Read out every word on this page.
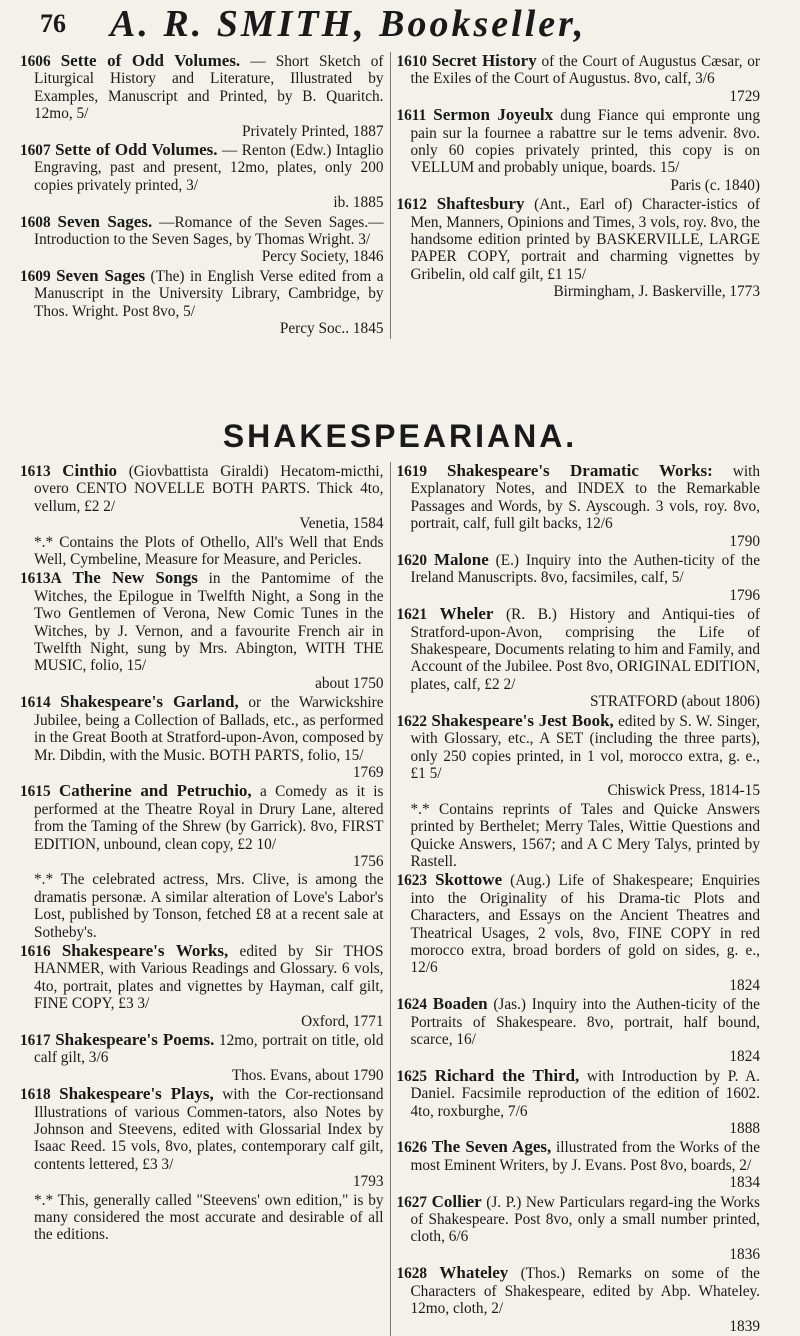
76	A. R. SMITH, Bookseller,
1606 Sette of Odd Volumes. — Short Sketch of Liturgical History and Literature, Illustrated by Examples, Manuscript and Printed, by B. Quaritch. 12mo, 5/
Privately Printed, 1887
1607 Sette of Odd Volumes. — Renton (Edw.) Intaglio Engraving, past and present, 12mo, plates, only 200 copies privately printed, 3/
ib. 1885
1608 Seven Sages. —Romance of the Seven Sages.—Introduction to the Seven Sages, by Thomas Wright. 3/
Percy Society, 1846
1609 Seven Sages (The) in English Verse edited from a Manuscript in the University Library, Cambridge, by Thos. Wright. Post 8vo, 5/
Percy Soc.. 1845
1610 Secret History of the Court of Augustus Cæsar, or the Exiles of the Court of Augustus. 8vo, calf, 3/6
1729
1611 Sermon Joyeulx dung Fiance qui empronte ung pain sur la fournee a rabattre sur le tems advenir. 8vo. only 60 copies privately printed, this copy is on VELLUM and probably unique, boards. 15/
Paris (c. 1840)
1612 Shaftesbury (Ant., Earl of) Character-istics of Men, Manners, Opinions and Times, 3 vols, roy. 8vo, the handsome edition printed by BASKERVILLE, LARGE PAPER COPY, portrait and charming vignettes by Gribelin, old calf gilt, £1 15/
Birmingham, J. Baskerville, 1773
SHAKESPEARIANA.
1613 Cinthio (Giovbattista Giraldi) Hecatom-micthi, overo CENTO NOVELLE BOTH PARTS. Thick 4to, vellum, £2 2/
Venetia, 1584
*.* Contains the Plots of Othello, All's Well that Ends Well, Cymbeline, Measure for Measure, and Pericles.
1613A The New Songs in the Pantomime of the Witches, the Epilogue in Twelfth Night, a Song in the Two Gentlemen of Verona, New Comic Tunes in the Witches, by J. Vernon, and a favourite French air in Twelfth Night, sung by Mrs. Abington, WITH THE MUSIC, folio, 15/
about 1750
1614 Shakespeare's Garland, or the Warwickshire Jubilee, being a Collection of Ballads, etc., as performed in the Great Booth at Stratford-upon-Avon, composed by Mr. Dibdin, with the Music. BOTH PARTS, folio, 15/
1769
1615 Catherine and Petruchio, a Comedy as it is performed at the Theatre Royal in Drury Lane, altered from the Taming of the Shrew (by Garrick). 8vo, FIRST EDITION, unbound, clean copy, £2 10/
1756
*.* The celebrated actress, Mrs. Clive, is among the dramatis personæ. A similar alteration of Love's Labor's Lost, published by Tonson, fetched £8 at a recent sale at Sotheby's.
1616 Shakespeare's Works, edited by Sir THOS HANMER, with Various Readings and Glossary. 6 vols, 4to, portrait, plates and vignettes by Hayman, calf gilt, FINE COPY, £3 3/
Oxford, 1771
1617 Shakespeare's Poems. 12mo, portrait on title, old calf gilt, 3/6
Thos. Evans, about 1790
1618 Shakespeare's Plays, with the Cor-rectionsand Illustrations of various Commen-tators, also Notes by Johnson and Steevens, edited with Glossarial Index by Isaac Reed. 15 vols, 8vo, plates, contemporary calf gilt, contents lettered, £3 3/
1793
*.* This, generally called "Steevens' own edition," is by many considered the most accurate and desirable of all the editions.
1619 Shakespeare's Dramatic Works: with Explanatory Notes, and INDEX to the Remarkable Passages and Words, by S. Ayscough. 3 vols, roy. 8vo, portrait, calf, full gilt backs, 12/6
1790
1620 Malone (E.) Inquiry into the Authen-ticity of the Ireland Manuscripts. 8vo, facsimiles, calf, 5/
1796
1621 Wheler (R. B.) History and Antiqui-ties of Stratford-upon-Avon, comprising the Life of Shakespeare, Documents relating to him and Family, and Account of the Jubilee. Post 8vo, ORIGINAL EDITION, plates, calf, £2 2/
STRATFORD (about 1806)
1622 Shakespeare's Jest Book, edited by S. W. Singer, with Glossary, etc., A SET (including the three parts), only 250 copies printed, in 1 vol, morocco extra, g. e., £1 5/
Chiswick Press, 1814-15
*.* Contains reprints of Tales and Quicke Answers printed by Berthelet; Merry Tales, Wittie Questions and Quicke Answers, 1567; and A C Mery Talys, printed by Rastell.
1623 Skottowe (Aug.) Life of Shakespeare; Enquiries into the Originality of his Drama-tic Plots and Characters, and Essays on the Ancient Theatres and Theatrical Usages, 2 vols, 8vo, FINE COPY in red morocco extra, broad borders of gold on sides, g. e., 12/6
1824
1624 Boaden (Jas.) Inquiry into the Authen-ticity of the Portraits of Shakespeare. 8vo, portrait, half bound, scarce, 16/
1824
1625 Richard the Third, with Introduction by P. A. Daniel. Facsimile reproduction of the edition of 1602. 4to, roxburghe, 7/6
1888
1626 The Seven Ages, illustrated from the Works of the most Eminent Writers, by J. Evans. Post 8vo, boards, 2/
1834
1627 Collier (J. P.) New Particulars regard-ing the Works of Shakespeare. Post 8vo, only a small number printed, cloth, 6/6
1836
1628 Whateley (Thos.) Remarks on some of the Characters of Shakespeare, edited by Abp. Whateley. 12mo, cloth, 2/
1839
